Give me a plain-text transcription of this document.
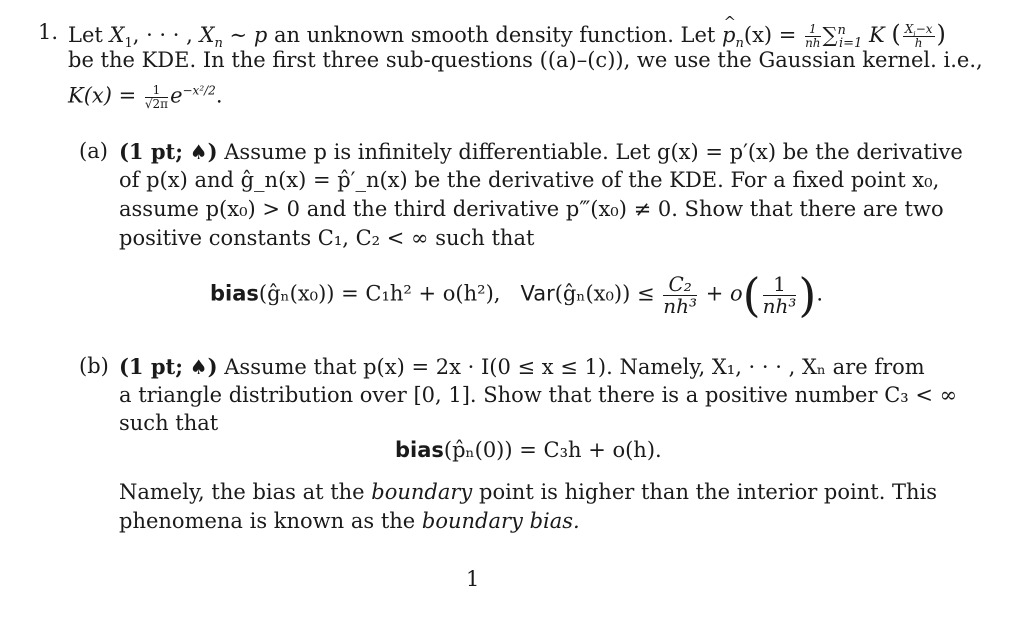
1. Let $X_1$, · · · , $X_n$ ∼ p an unknown smooth density function. Let ^ $p_n(x) = \frac{1}{nh} \sum^n_{i=1}$ K ( $\frac{X_i-x}{h}$ )
be the KDE. In the first three sub-questions ((a)–(c)), we use the Gaussian kernel. i.e.,
$K(x) = \frac{1}{√2\pi} e^{-x^2/2}$.
(a) (1 pt; ♠) Assume p is infinitely differentiable. Let g(x) = p′(x) be the derivative
of p(x) and ĝ_n(x) = p̂′_n(x) be the derivative of the KDE. For a fixed point x₀,
assume p(x₀) > 0 and the third derivative p‴(x₀) ≠ 0. Show that there are two
positive constants C₁, C₂ < ∞ such that
bias(ĝₙ(x₀)) = C₁h² + o(h²), Var(ĝₙ(x₀)) ≤ $\frac{\text{C₂}}{\text{nh³}} + o( \frac{1}{\text{nh³}}$ ).
(b) (1 pt; ♠) Assume that p(x) = 2x · I(0 ≤ x ≤ 1). Namely, X₁, · · · , Xₙ are from
a triangle distribution over [0, 1]. Show that there is a positive number C₃ < ∞
such that
bias(p̂ₙ(0)) = C₃h + o(h).
Namely, the bias at the boundary point is higher than the interior point. This
phenomena is known as the boundary bias.
1
